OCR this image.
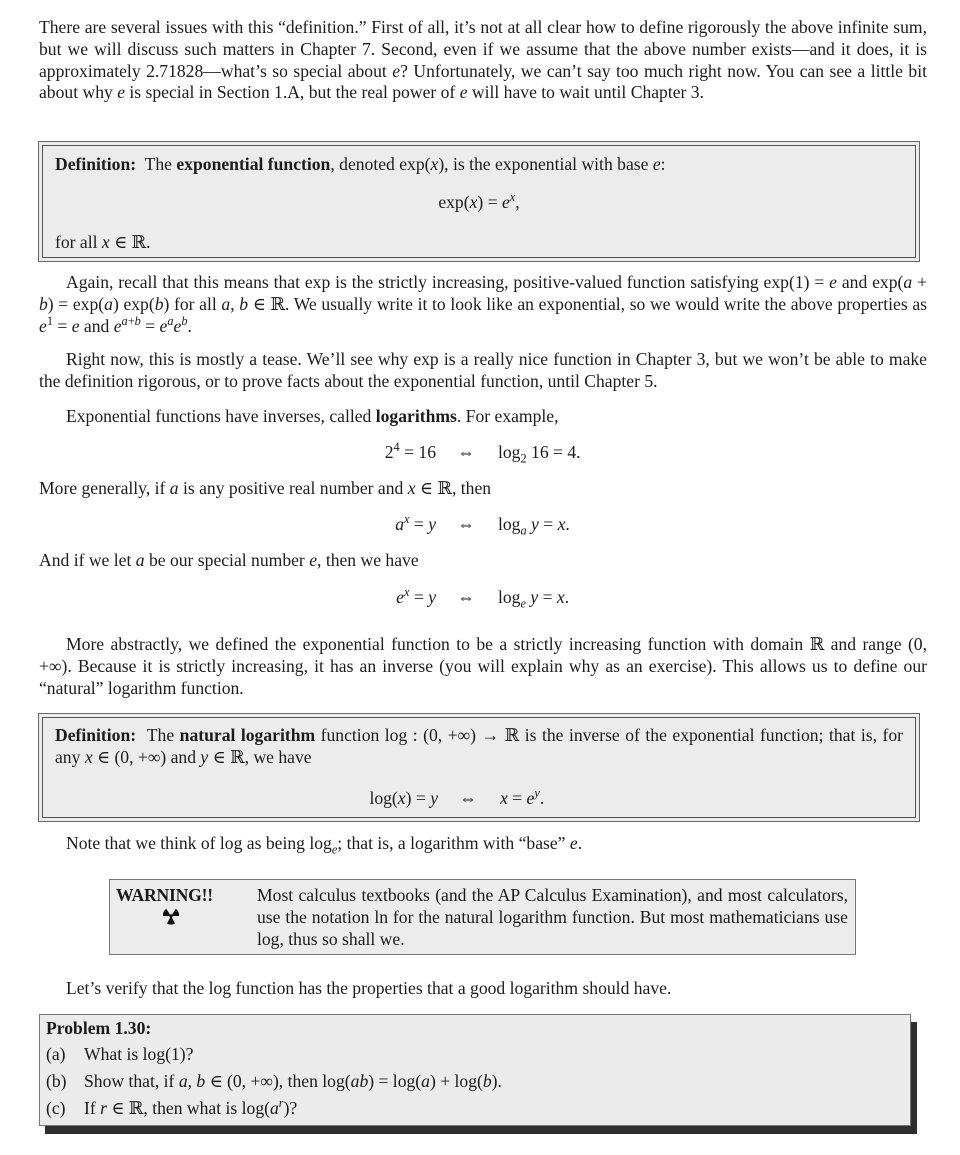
There are several issues with this “definition.” First of all, it’s not at all clear how to define rigorously the above infinite sum, but we will discuss such matters in Chapter 7. Second, even if we assume that the above number exists—and it does, it is approximately 2.71828—what’s so special about e? Unfortunately, we can’t say too much right now. You can see a little bit about why e is special in Section 1.A, but the real power of e will have to wait until Chapter 3.
Definition: The exponential function, denoted exp(x), is the exponential with base e:
$\exp(x) = e^x$,
for all x ∈ ℝ.
Again, recall that this means that exp is the strictly increasing, positive-valued function satisfying exp(1) = e and exp(a + b) = exp(a) exp(b) for all a, b ∈ ℝ. We usually write it to look like an exponential, so we would write the above properties as $e^1 = e$ and $e^{a+b} = e^ae^b$.
Right now, this is mostly a tease. We’ll see why exp is a really nice function in Chapter 3, but we won’t be able to make the definition rigorous, or to prove facts about the exponential function, until Chapter 5.
Exponential functions have inverses, called logarithms. For example,
$2^4 = 16$	⇔	$\log_2 16 = 4$.
More generally, if a is any positive real number and x ∈ ℝ, then
$a^x = y$	⇔	$\log_a y = x$.
And if we let a be our special number e, then we have
$e^x = y$	⇔	$\log_e y = x$.
More abstractly, we defined the exponential function to be a strictly increasing function with domain ℝ and range (0, +∞). Because it is strictly increasing, it has an inverse (you will explain why as an exercise). This allows us to define our “natural” logarithm function.
Definition:  The natural logarithm function log : (0, +∞) → ℝ is the inverse of the exponential function; that is, for any x ∈ (0, +∞) and y ∈ ℝ, we have
log(x) = y	⇔	$x = e^y$.
Note that we think of log as being $\log_e$; that is, a logarithm with “base” e.
WARNING!!	Most calculus textbooks (and the AP Calculus Examination), and most calculators, use the notation ln for the natural logarithm function. But most mathematicians use log, thus so shall we.
Let’s verify that the log function has the properties that a good logarithm should have.
Problem 1.30:
(a) What is log(1)?
(b) Show that, if a, b ∈ (0, +∞), then log(ab) = log(a) + log(b).
(c) If r ∈ ℝ, then what is $\log(a^r)$?
